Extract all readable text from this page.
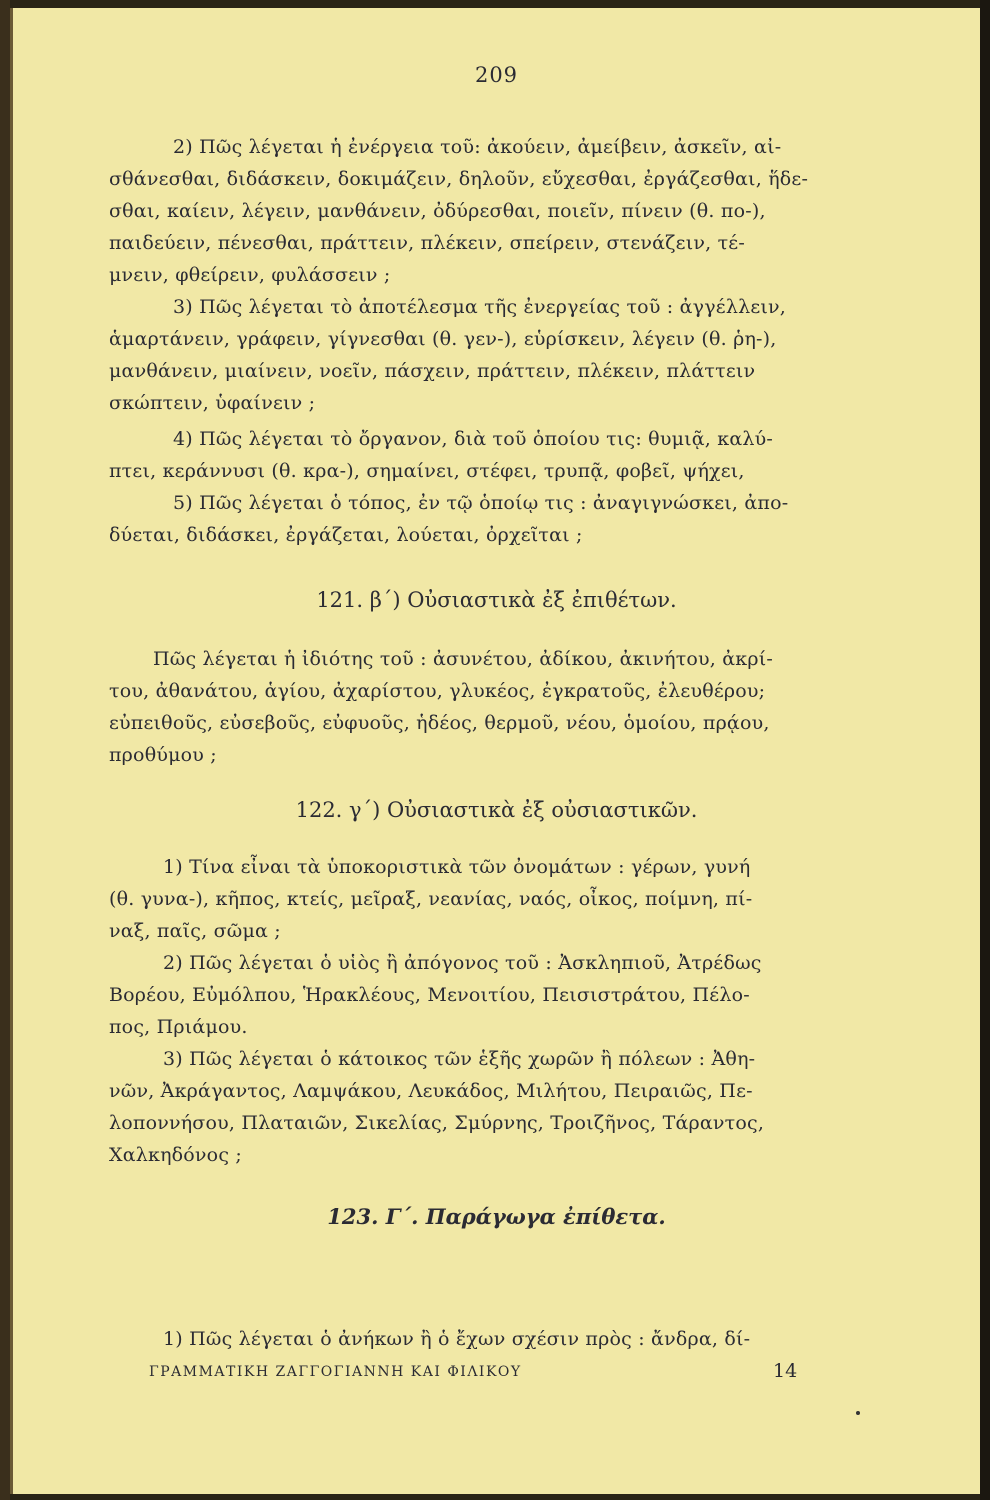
209
2) Πῶς λέγεται ἡ ἐνέργεια τοῦ: ἀκούειν, ἀμείβειν, ἀσκεῖν, αἰ-
σθάνεσθαι, διδάσκειν, δοκιμάζειν, δηλοῦν, εὔχεσθαι, ἐργάζεσθαι, ἥδε-
σθαι, καίειν, λέγειν, μανθάνειν, ὀδύρεσθαι, ποιεῖν, πίνειν (θ. πο-),
παιδεύειν, πένεσθαι, πράττειν, πλέκειν, σπείρειν, στενάζειν, τέ-
μνειν, φθείρειν, φυλάσσειν ;
3) Πῶς λέγεται τὸ ἀποτέλεσμα τῆς ἐνεργείας τοῦ : ἀγγέλλειν,
ἁμαρτάνειν, γράφειν, γίγνεσθαι (θ. γεν-), εὑρίσκειν, λέγειν (θ. ῥη-),
μανθάνειν, μιαίνειν, νοεῖν, πάσχειν, πράττειν, πλέκειν, πλάττειν
σκώπτειν, ὑφαίνειν ;
4) Πῶς λέγεται τὸ ὄργανον, διὰ τοῦ ὁποίου τις: θυμιᾷ, καλύ-
πτει, κεράννυσι (θ. κρα-), σημαίνει, στέφει, τρυπᾷ, φοβεῖ, ψήχει,
5) Πῶς λέγεται ὁ τόπος, ἐν τῷ ὁποίῳ τις : ἀναγιγνώσκει, ἀπο-
δύεται, διδάσκει, ἐργάζεται, λούεται, ὀρχεῖται ;
121. β΄) Οὐσιαστικὰ ἐξ ἐπιθέτων.
Πῶς λέγεται ἡ ἰδιότης τοῦ : ἀσυνέτου, ἀδίκου, ἀκινήτου, ἀκρί-
του, ἀθανάτου, ἁγίου, ἀχαρίστου, γλυκέος, ἐγκρατοῦς, ἐλευθέρου;
εὐπειθοῦς, εὐσεβοῦς, εὐφυοῦς, ἡδέος, θερμοῦ, νέου, ὁμοίου, πρᾴου,
προθύμου ;
122. γ΄) Οὐσιαστικὰ ἐξ οὐσιαστικῶν.
1) Τίνα εἶναι τὰ ὑποκοριστικὰ τῶν ὀνομάτων : γέρων, γυνή
(θ. γυνα-), κῆπος, κτείς, μεῖραξ, νεανίας, ναός, οἶκος, ποίμνη, πί-
ναξ, παῖς, σῶμα ;
2) Πῶς λέγεται ὁ υἱὸς ἢ ἀπόγονος τοῦ : Ἀσκληπιοῦ, Ἀτρέδως
Βορέου, Εὐμόλπου, Ἡρακλέους, Μενοιτίου, Πεισιστράτου, Πέλο-
πος, Πριάμου.
3) Πῶς λέγεται ὁ κάτοικος τῶν ἑξῆς χωρῶν ἢ πόλεων : Ἀθη-
νῶν, Ἀκράγαντος, Λαμψάκου, Λευκάδος, Μιλήτου, Πειραιῶς, Πε-
λοποννήσου, Πλαταιῶν, Σικελίας, Σμύρνης, Τροιζῆνος, Τάραντος,
Χαλκηδόνος ;
123. Γ΄. Παράγωγα ἐπίθετα.
1) Πῶς λέγεται ὁ ἀνήκων ἢ ὁ ἔχων σχέσιν πρὸς : ἄνδρα, δί-
ΓΡΑΜΜΑΤΙΚΗ ΖΑΓΓΟΓΙΑΝΝΗ ΚΑΙ ΦΙΛΙΚΟΥ	14
